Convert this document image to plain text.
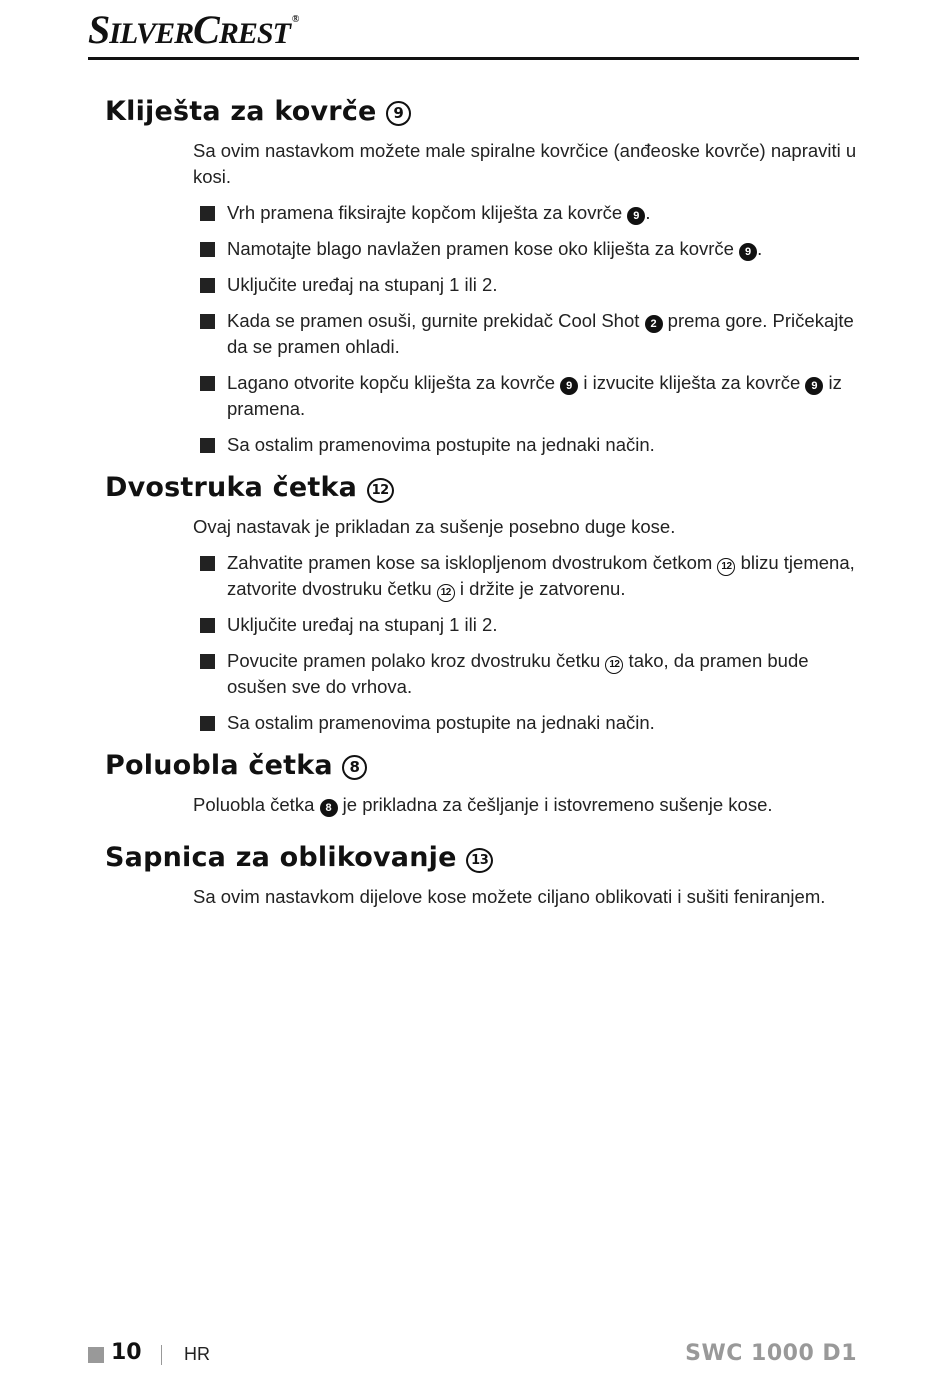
SILVERCREST ®
Kliješta za kovrče 9
Sa ovim nastavkom možete male spiralne kovrčice (anđeoske kovrče) napraviti u kosi.
Vrh pramena fiksirajte kopčom kliješta za kovrče 9 .
Namotajte blago navlažen pramen kose oko kliješta za kovrče 9 .
Uključite uređaj na stupanj 1 ili 2.
Kada se pramen osuši, gurnite prekidač Cool Shot 2 prema gore. Pričekajte da se pramen ohladi.
Lagano otvorite kopču kliješta za kovrče 9 i izvucite kliješta za kovrče 9 iz pramena.
Sa ostalim pramenovima postupite na jednaki način.
Dvostruka četka 12
Ovaj nastavak je prikladan za sušenje posebno duge kose.
Zahvatite pramen kose sa isklopljenom dvostrukom četkom 12 blizu tjemena, zatvorite dvostruku četku 12 i držite je zatvorenu.
Uključite uređaj na stupanj 1 ili 2.
Povucite pramen polako kroz dvostruku četku 12 tako, da pramen bude osušen sve do vrhova.
Sa ostalim pramenovima postupite na jednaki način.
Poluobla četka 8
Poluobla četka 8 je prikladna za češljanje i istovremeno sušenje kose.
Sapnica za oblikovanje 13
Sa ovim nastavkom dijelove kose možete ciljano oblikovati i sušiti feniranjem.
10 HR	SWC 1000 D1
